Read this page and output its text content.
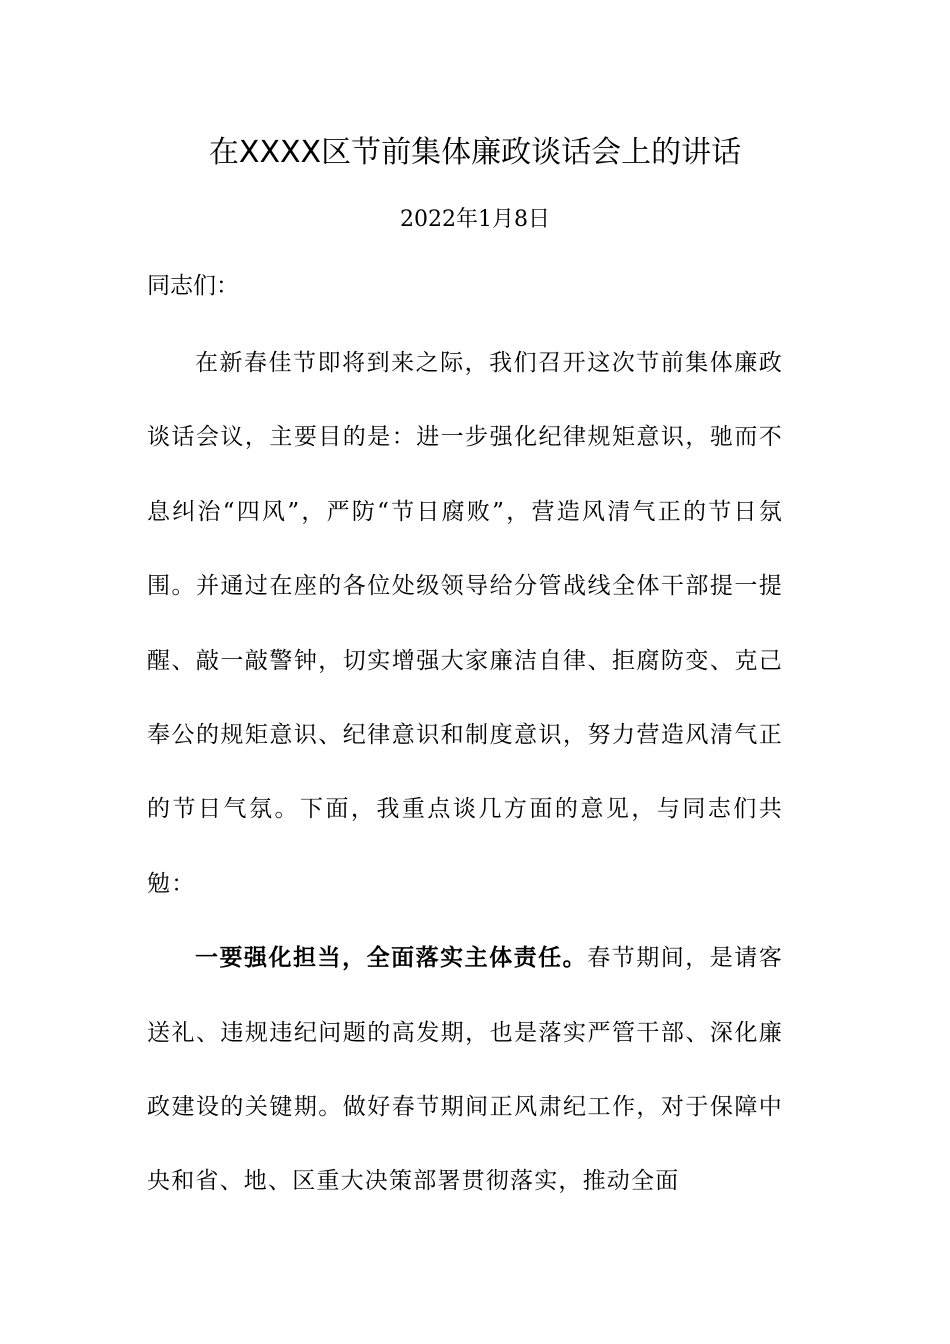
在XXXX区节前集体廉政谈话会上的讲话
2022年1月8日
同志们：

在新春佳节即将到来之际，我们召开这次节前集体廉政谈话会议，主要目的是：进一步强化纪律规矩意识，驰而不息纠治“四风”，严防“节日腐败”，营造风清气正的节日氛围。并通过在座的各位处级领导给分管战线全体干部提一提醒、敲一敲警钟，切实增强大家廉洁自律、拒腐防变、克己奉公的规矩意识、纪律意识和制度意识，努力营造风清气正的节日气氛。下面，我重点谈几方面的意见，与同志们共勉：

一要强化担当，全面落实主体责任。春节期间，是请客送礼、违规违纪问题的高发期，也是落实严管干部、深化廉政建设的关键期。做好春节期间正风肃纪工作，对于保障中央和省、地、区重大决策部署贯彻落实，推动全面
